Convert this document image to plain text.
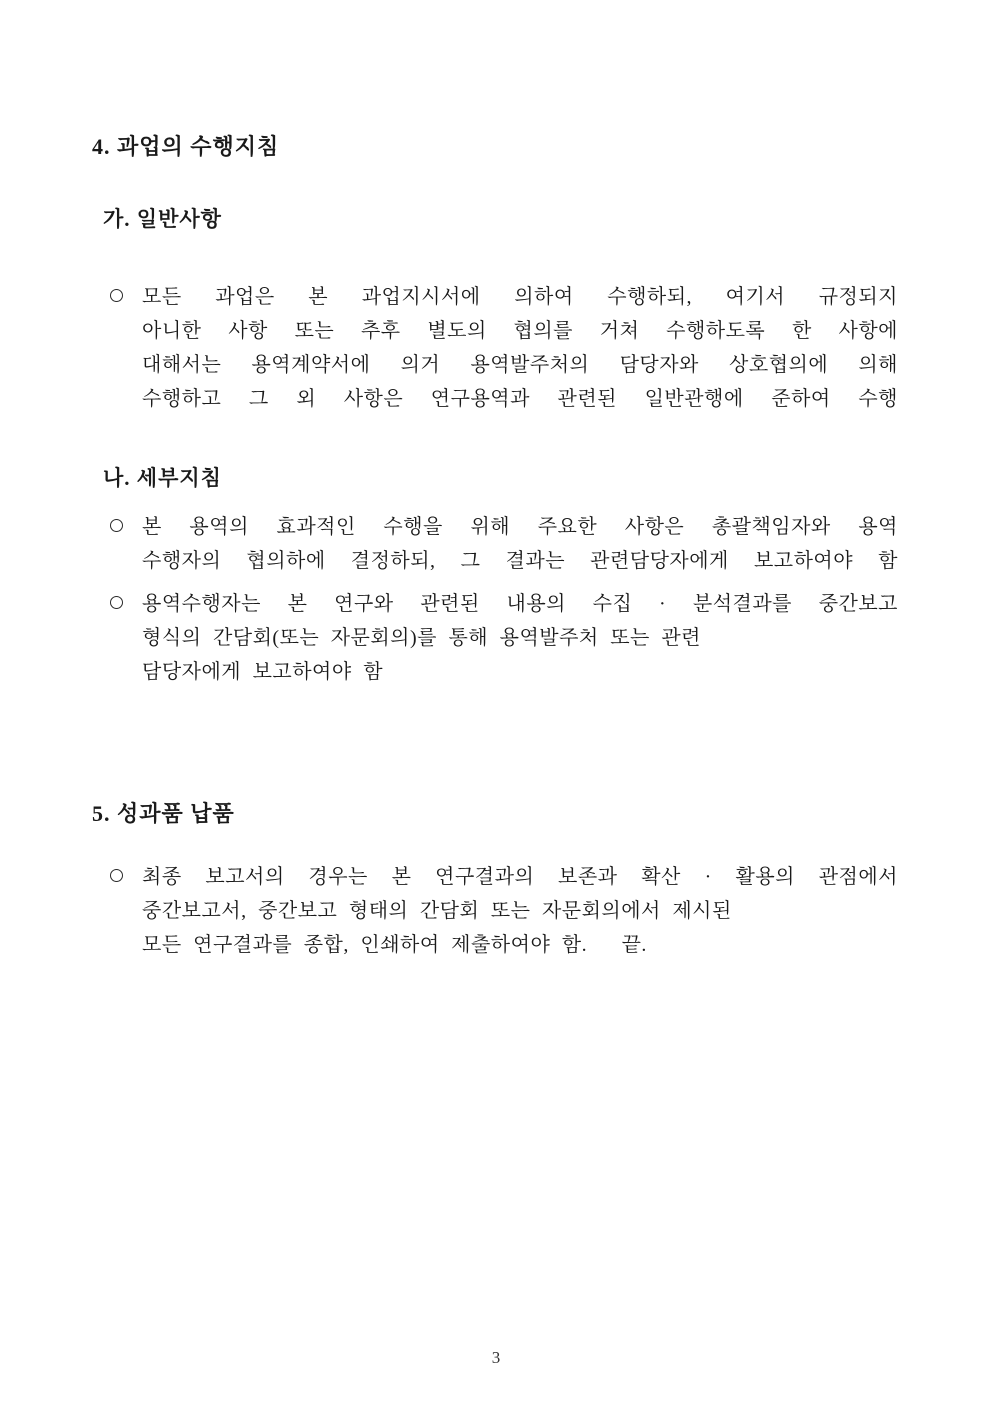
4. 과업의 수행지침
가. 일반사항
모든 과업은 본 과업지시서에 의하여 수행하되, 여기서 규정되지
아니한 사항 또는 추후 별도의 협의를 거쳐 수행하도록 한 사항에
대해서는 용역계약서에 의거 용역발주처의 담당자와 상호협의에 의해
수행하고 그 외 사항은 연구용역과 관련된 일반관행에 준하여 수행
나. 세부지침
본 용역의 효과적인 수행을 위해 주요한 사항은 총괄책임자와 용역
수행자의 협의하에 결정하되, 그 결과는 관련담당자에게 보고하여야 함
용역수행자는 본 연구와 관련된 내용의 수집 · 분석결과를 중간보고
형식의 간담회(또는 자문회의)를 통해 용역발주처 또는 관련
담당자에게 보고하여야 함
5. 성과품 납품
최종 보고서의 경우는 본 연구결과의 보존과 확산 · 활용의 관점에서
중간보고서, 중간보고 형태의 간담회 또는 자문회의에서 제시된
모든 연구결과를 종합, 인쇄하여 제출하여야 함.   끝.
3
